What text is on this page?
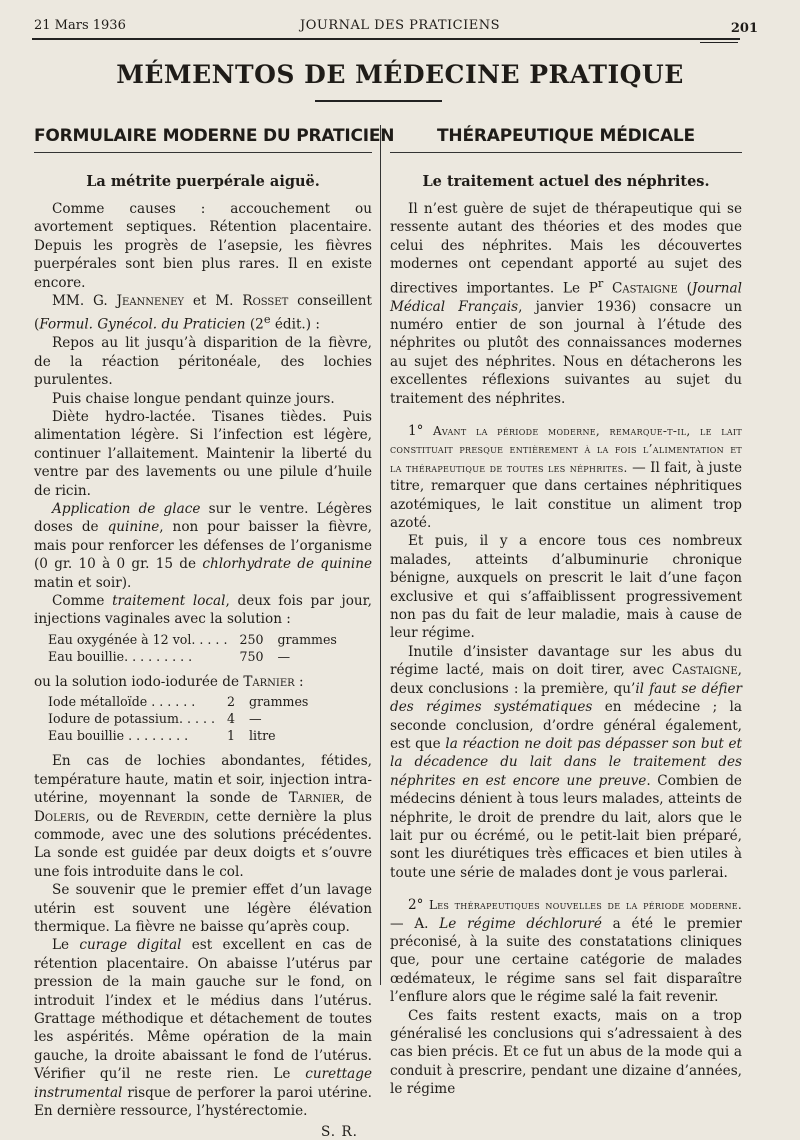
21 Mars 1936	JOURNAL DES PRATICIENS	201
MÉMENTOS DE MÉDECINE PRATIQUE
FORMULAIRE MODERNE DU PRATICIEN
La métrite puerpérale aiguë.

Comme causes : accouchement ou avortement septiques. Rétention placentaire. Depuis les progrès de l’asepsie, les fièvres puerpérales sont bien plus rares. Il en existe encore.

MM. G. Jeanneney et M. Rosset conseillent (Formul. Gynécol. du Praticien (2e édit.) :

Repos au lit jusqu’à disparition de la fièvre, de la réaction péritonéale, des lochies purulentes.

Puis chaise longue pendant quinze jours.

Diète hydro-lactée. Tisanes tièdes. Puis alimentation légère. Si l’infection est légère, continuer l’allaitement. Maintenir la liberté du ventre par des lavements ou une pilule d’huile de ricin.

Application de glace sur le ventre. Légères doses de quinine, non pour baisser la fièvre, mais pour renforcer les défenses de l’organisme (0 gr. 10 à 0 gr. 15 de chlorhydrate de quinine matin et soir).

Comme traitement local, deux fois par jour, injections vaginales avec la solution :

Eau oxygénée à 12 vol. . . . .	250	grammes
Eau bouillie. . . . . . . . .	750	—

ou la solution iodo-iodurée de Tarnier :

Iode métalloïde . . . . . .	2	grammes
Iodure de potassium. . . . .	4	—
Eau bouillie . . . . . . . .	1	litre

En cas de lochies abondantes, fétides, température haute, matin et soir, injection intra-utérine, moyennant la sonde de Tarnier, de Doleris, ou de Reverdin, cette dernière la plus commode, avec une des solutions précédentes. La sonde est guidée par deux doigts et s’ouvre une fois introduite dans le col.

Se souvenir que le premier effet d’un lavage utérin est souvent une légère élévation thermique. La fièvre ne baisse qu’après coup.

Le curage digital est excellent en cas de rétention placentaire. On abaisse l’utérus par pression de la main gauche sur le fond, on introduit l’index et le médius dans l’utérus. Grattage méthodique et détachement de toutes les aspérités. Même opération de la main gauche, la droite abaissant le fond de l’utérus. Vérifier qu’il ne reste rien. Le curettage instrumental risque de perforer la paroi utérine. En dernière ressource, l’hystérectomie.

S. R.
THÉRAPEUTIQUE MÉDICALE
Le traitement actuel des néphrites.

Il n’est guère de sujet de thérapeutique qui se ressente autant des théories et des modes que celui des néphrites. Mais les découvertes modernes ont cependant apporté au sujet des directives importantes. Le $P^r$ Castaigne (Journal Médical Français, janvier 1936) consacre un numéro entier de son journal à l’étude des néphrites ou plutôt des connaissances modernes au sujet des néphrites. Nous en détacherons les excellentes réflexions suivantes au sujet du traitement des néphrites.

1° Avant la période moderne, remarque-t-il, le lait constituait presque entièrement à la fois l’alimentation et la thérapeutique de toutes les néphrites. — Il fait, à juste titre, remarquer que dans certaines néphritiques azotémiques, le lait constitue un aliment trop azoté.

Et puis, il y a encore tous ces nombreux malades, atteints d’albuminurie chronique bénigne, auxquels on prescrit le lait d’une façon exclusive et qui s’affaiblissent progressivement non pas du fait de leur maladie, mais à cause de leur régime.

Inutile d’insister davantage sur les abus du régime lacté, mais on doit tirer, avec Castaigne, deux conclusions : la première, qu’il faut se défier des régimes systématiques en médecine ; la seconde conclusion, d’ordre général également, est que la réaction ne doit pas dépasser son but et la décadence du lait dans le traitement des néphrites en est encore une preuve. Combien de médecins dénient à tous leurs malades, atteints de néphrite, le droit de prendre du lait, alors que le lait pur ou écrémé, ou le petit-lait bien préparé, sont les diurétiques très efficaces et bien utiles à toute une série de malades dont je vous parlerai.

2° Les thérapeutiques nouvelles de la période moderne. — A. Le régime déchloruré a été le premier préconisé, à la suite des constatations cliniques que, pour une certaine catégorie de malades œdémateux, le régime sans sel fait disparaître l’enflure alors que le régime salé la fait revenir.

Ces faits restent exacts, mais on a trop généralisé les conclusions qui s’adressaient à des cas bien précis. Et ce fut un abus de la mode qui a conduit à prescrire, pendant une dizaine d’années, le régime
